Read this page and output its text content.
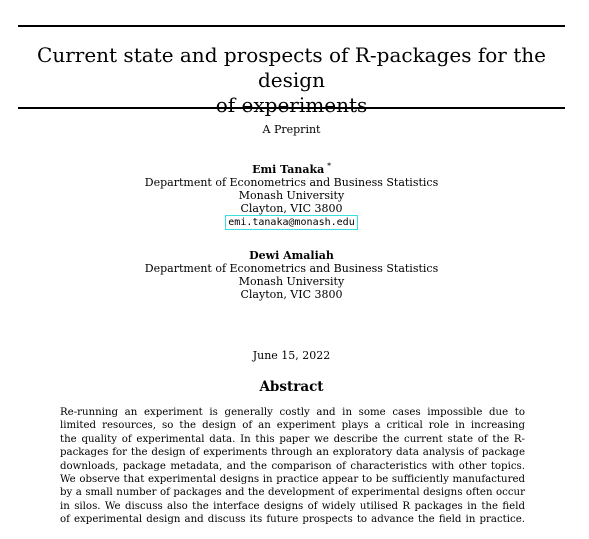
Current state and prospects of R-packages for the design
of experiments
A Preprint
Emi Tanaka *
Department of Econometrics and Business Statistics
Monash University
Clayton, VIC 3800
emi.tanaka@monash.edu
Dewi Amaliah
Department of Econometrics and Business Statistics
Monash University
Clayton, VIC 3800
June 15, 2022
Abstract
Re-running an experiment is generally costly and in some cases impossible due to
limited resources, so the design of an experiment plays a critical role in increasing
the quality of experimental data. In this paper we describe the current state of the R-
packages for the design of experiments through an exploratory data analysis of package
downloads, package metadata, and the comparison of characteristics with other topics.
We observe that experimental designs in practice appear to be sufficiently manufactured
by a small number of packages and the development of experimental designs often occur
in silos. We discuss also the interface designs of widely utilised R packages in the field
of experimental design and discuss its future prospects to advance the field in practice.
